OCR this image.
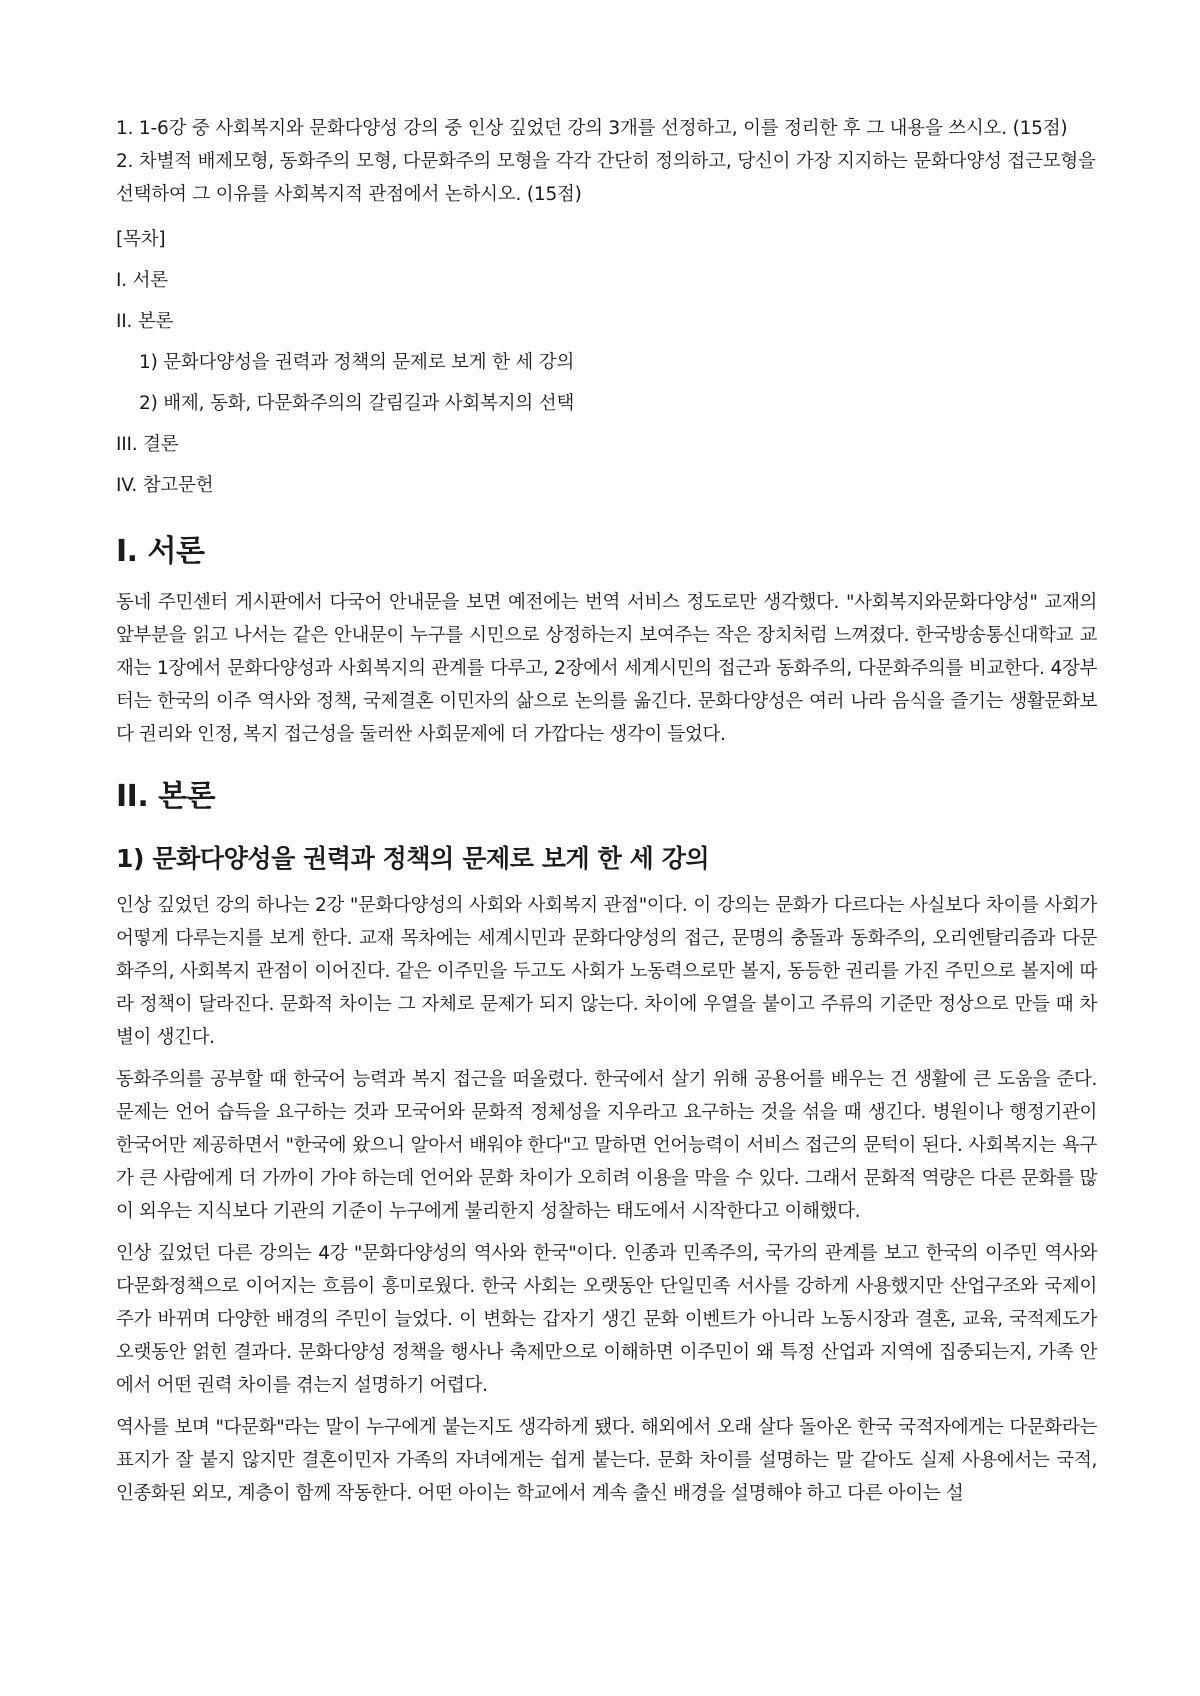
1. 1-6강 중 사회복지와 문화다양성 강의 중 인상 깊었던 강의 3개를 선정하고, 이를 정리한 후 그 내용을 쓰시오. (15점)

2. 차별적 배제모형, 동화주의 모형, 다문화주의 모형을 각각 간단히 정의하고, 당신이 가장 지지하는 문화다양성 접근모형을 선택하여 그 이유를 사회복지적 관점에서 논하시오. (15점)

[목차]

I. 서론

II. 본론

1) 문화다양성을 권력과 정책의 문제로 보게 한 세 강의

2) 배제, 동화, 다문화주의의 갈림길과 사회복지의 선택

III. 결론

IV. 참고문헌

I. 서론

동네 주민센터 게시판에서 다국어 안내문을 보면 예전에는 번역 서비스 정도로만 생각했다. "사회복지와문화다양성" 교재의 앞부분을 읽고 나서는 같은 안내문이 누구를 시민으로 상정하는지 보여주는 작은 장치처럼 느껴졌다. 한국방송통신대학교 교재는 1장에서 문화다양성과 사회복지의 관계를 다루고, 2장에서 세계시민의 접근과 동화주의, 다문화주의를 비교한다. 4장부터는 한국의 이주 역사와 정책, 국제결혼 이민자의 삶으로 논의를 옮긴다. 문화다양성은 여러 나라 음식을 즐기는 생활문화보다 권리와 인정, 복지 접근성을 둘러싼 사회문제에 더 가깝다는 생각이 들었다.

II. 본론
1) 문화다양성을 권력과 정책의 문제로 보게 한 세 강의

인상 깊었던 강의 하나는 2강 "문화다양성의 사회와 사회복지 관점"이다. 이 강의는 문화가 다르다는 사실보다 차이를 사회가 어떻게 다루는지를 보게 한다. 교재 목차에는 세계시민과 문화다양성의 접근, 문명의 충돌과 동화주의, 오리엔탈리즘과 다문화주의, 사회복지 관점이 이어진다. 같은 이주민을 두고도 사회가 노동력으로만 볼지, 동등한 권리를 가진 주민으로 볼지에 따라 정책이 달라진다. 문화적 차이는 그 자체로 문제가 되지 않는다. 차이에 우열을 붙이고 주류의 기준만 정상으로 만들 때 차별이 생긴다.

동화주의를 공부할 때 한국어 능력과 복지 접근을 떠올렸다. 한국에서 살기 위해 공용어를 배우는 건 생활에 큰 도움을 준다. 문제는 언어 습득을 요구하는 것과 모국어와 문화적 정체성을 지우라고 요구하는 것을 섞을 때 생긴다. 병원이나 행정기관이 한국어만 제공하면서 "한국에 왔으니 알아서 배워야 한다"고 말하면 언어능력이 서비스 접근의 문턱이 된다. 사회복지는 욕구가 큰 사람에게 더 가까이 가야 하는데 언어와 문화 차이가 오히려 이용을 막을 수 있다. 그래서 문화적 역량은 다른 문화를 많이 외우는 지식보다 기관의 기준이 누구에게 불리한지 성찰하는 태도에서 시작한다고 이해했다.

인상 깊었던 다른 강의는 4강 "문화다양성의 역사와 한국"이다. 인종과 민족주의, 국가의 관계를 보고 한국의 이주민 역사와 다문화정책으로 이어지는 흐름이 흥미로웠다. 한국 사회는 오랫동안 단일민족 서사를 강하게 사용했지만 산업구조와 국제이주가 바뀌며 다양한 배경의 주민이 늘었다. 이 변화는 갑자기 생긴 문화 이벤트가 아니라 노동시장과 결혼, 교육, 국적제도가 오랫동안 얽힌 결과다. 문화다양성 정책을 행사나 축제만으로 이해하면 이주민이 왜 특정 산업과 지역에 집중되는지, 가족 안에서 어떤 권력 차이를 겪는지 설명하기 어렵다.

역사를 보며 "다문화"라는 말이 누구에게 붙는지도 생각하게 됐다. 해외에서 오래 살다 돌아온 한국 국적자에게는 다문화라는 표지가 잘 붙지 않지만 결혼이민자 가족의 자녀에게는 쉽게 붙는다. 문화 차이를 설명하는 말 같아도 실제 사용에서는 국적, 인종화된 외모, 계층이 함께 작동한다. 어떤 아이는 학교에서 계속 출신 배경을 설명해야 하고 다른 아이는 설
